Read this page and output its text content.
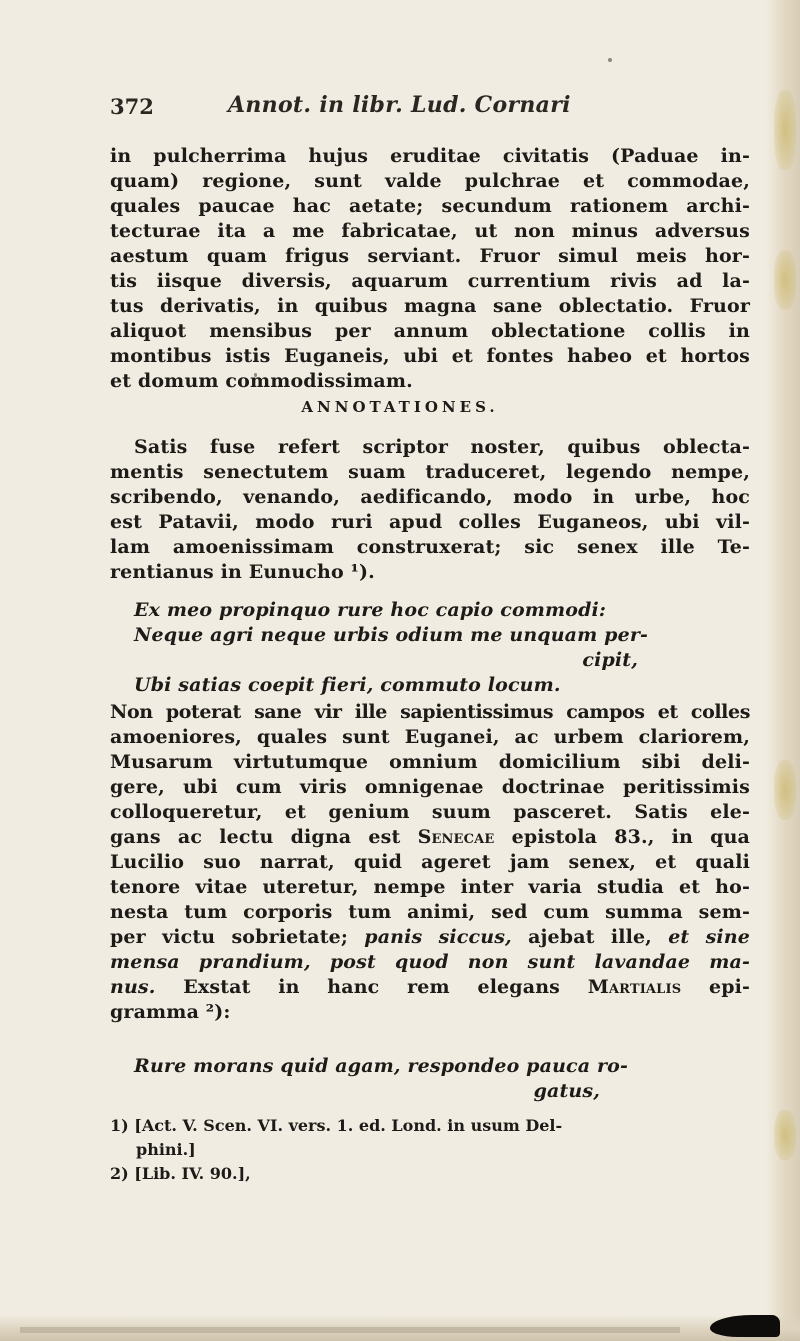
372	Annot. in libr. Lud. Cornari
in pulcherrima hujus eruditae civitatis (Paduae in-
quam) regione, sunt valde pulchrae et commodae,
quales paucae hac aetate; secundum rationem archi-
tecturae ita a me fabricatae, ut non minus adversus
aestum quam frigus serviant. Fruor simul meis hor-
tis iisque diversis, aquarum currentium rivis ad la-
tus derivatis, in quibus magna sane oblectatio. Fruor
aliquot mensibus per annum oblectatione collis in
montibus istis Euganeis, ubi et fontes habeo et hortos
et domum commodissimam.
ANNOTATIONES.
Satis fuse refert scriptor noster, quibus oblecta-
mentis senectutem suam traduceret, legendo nempe,
scribendo, venando, aedificando, modo in urbe, hoc
est Patavii, modo ruri apud colles Euganeos, ubi vil-
lam amoenissimam construxerat; sic senex ille Te-
rentianus in Eunucho ¹).
Ex meo propinquo rure hoc capio commodi:
Neque agri neque urbis odium me unquam per-
cipit,
Ubi satias coepit fieri, commuto locum.
Non poterat sane vir ille sapientissimus campos et colles
amoeniores, quales sunt Euganei, ac urbem clariorem,
Musarum virtutumque omnium domicilium sibi deli-
gere, ubi cum viris omnigenae doctrinae peritissimis
colloqueretur, et genium suum pasceret. Satis ele-
gans ac lectu digna est Senecae epistola 83., in qua
Lucilio suo narrat, quid ageret jam senex, et quali
tenore vitae uteretur, nempe inter varia studia et ho-
nesta tum corporis tum animi, sed cum summa sem-
per victu sobrietate; panis siccus, ajebat ille, et sine
mensa prandium, post quod non sunt lavandae ma-
nus. Exstat in hanc rem elegans Martialis epi-
gramma ²):
Rure morans quid agam, respondeo pauca ro-
gatus,
1) [Act. V. Scen. VI. vers. 1. ed. Lond. in usum Del-
phini.]
2) [Lib. IV. 90.],
